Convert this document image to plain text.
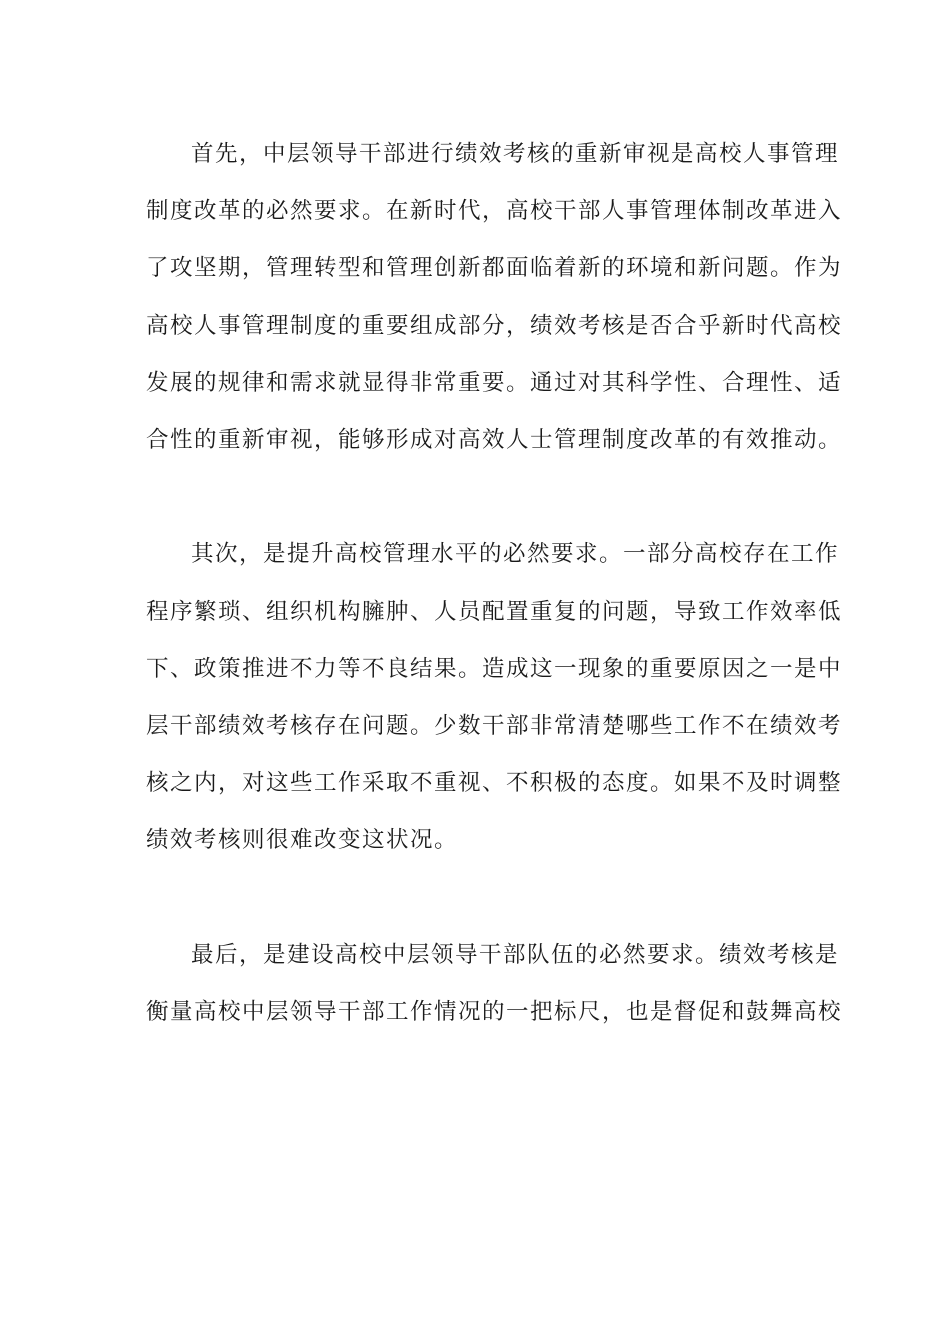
首先，中层领导干部进行绩效考核的重新审视是高校人事管理
制度改革的必然要求。在新时代，高校干部人事管理体制改革进入
了攻坚期，管理转型和管理创新都面临着新的环境和新问题。作为
高校人事管理制度的重要组成部分，绩效考核是否合乎新时代高校
发展的规律和需求就显得非常重要。通过对其科学性、合理性、适
合性的重新审视，能够形成对高效人士管理制度改革的有效推动。
其次，是提升高校管理水平的必然要求。一部分高校存在工作
程序繁琐、组织机构臃肿、人员配置重复的问题，导致工作效率低
下、政策推进不力等不良结果。造成这一现象的重要原因之一是中
层干部绩效考核存在问题。少数干部非常清楚哪些工作不在绩效考
核之内，对这些工作采取不重视、不积极的态度。如果不及时调整
绩效考核则很难改变这状况。
最后，是建设高校中层领导干部队伍的必然要求。绩效考核是
衡量高校中层领导干部工作情况的一把标尺，也是督促和鼓舞高校
